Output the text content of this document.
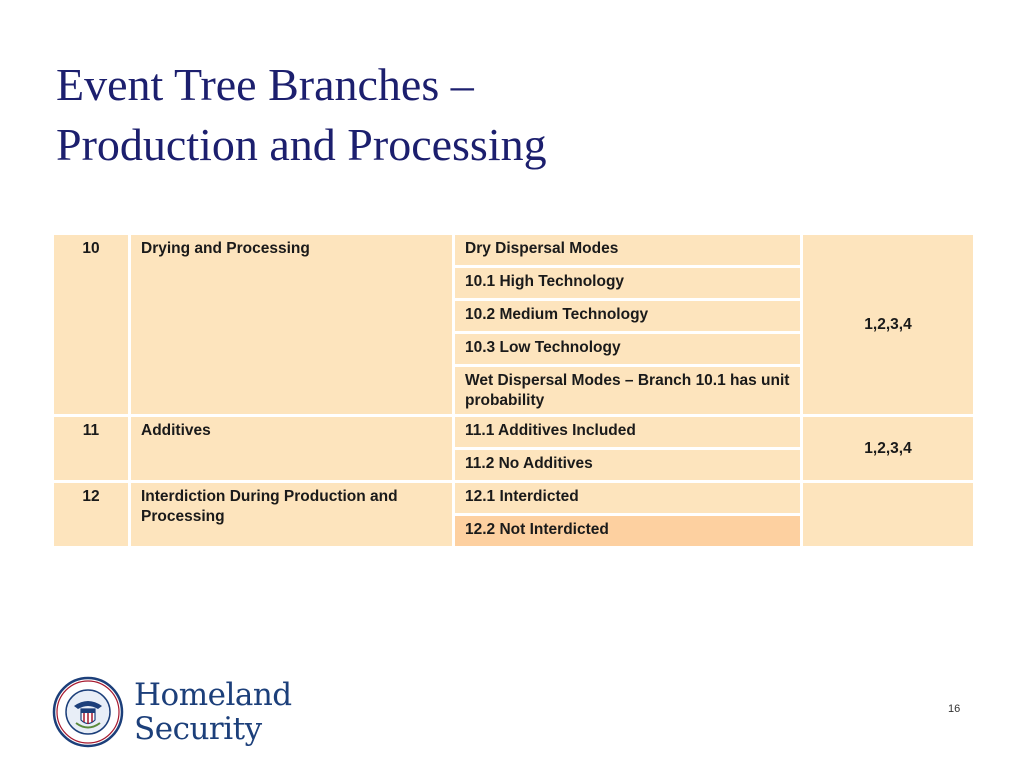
Event Tree Branches –
Production and Processing
10	Drying and Processing	Dry Dispersal Modes	1,2,3,4
		10.1 High Technology	
		10.2 Medium Technology	
		10.3 Low Technology	
		Wet Dispersal Modes – Branch 10.1 has unit probability	
11	Additives	11.1 Additives Included	1,2,3,4
		11.2 No Additives	
12	Interdiction During Production and Processing	12.1 Interdicted	
		12.2 Not Interdicted	
Homeland
Security
16
